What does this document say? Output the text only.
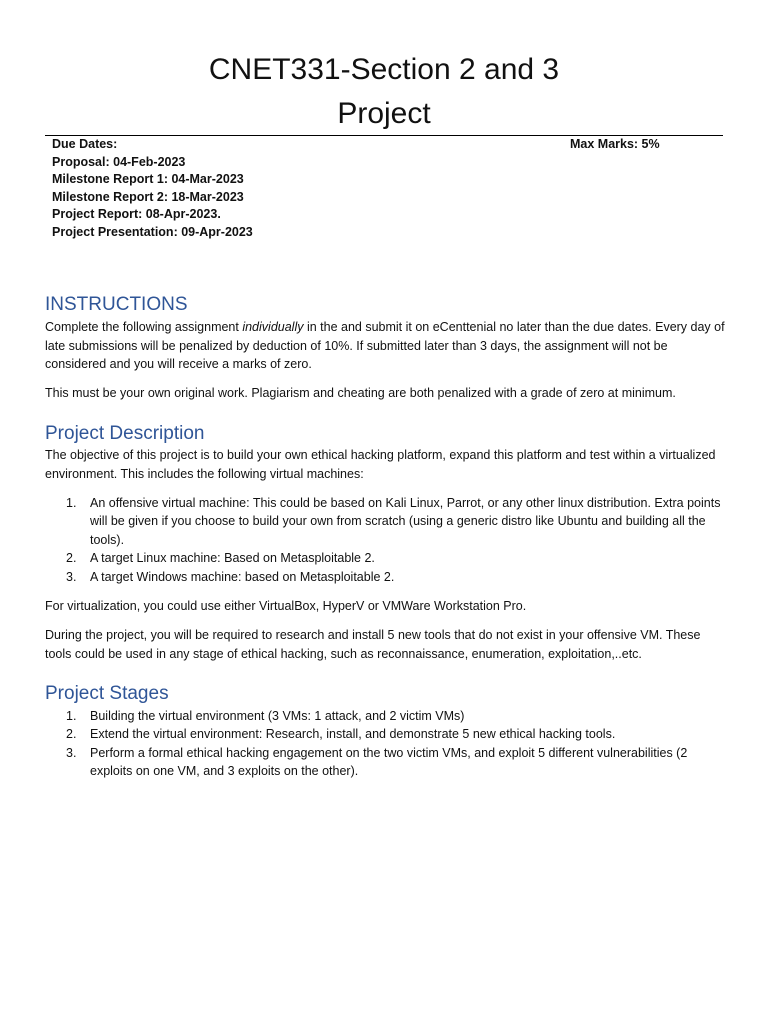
CNET331-Section 2 and 3
Project
Due Dates:
Proposal: 04-Feb-2023
Milestone Report 1: 04-Mar-2023
Milestone Report 2: 18-Mar-2023
Project Report: 08-Apr-2023.
Project Presentation: 09-Apr-2023
Max Marks: 5%
INSTRUCTIONS

Complete the following assignment individually in the and submit it on eCenttenial no later than the due dates. Every day of late submissions will be penalized by deduction of 10%. If submitted later than 3 days, the assignment will not be considered and you will receive a marks of zero.

This must be your own original work. Plagiarism and cheating are both penalized with a grade of zero at minimum.

Project Description

The objective of this project is to build your own ethical hacking platform, expand this platform and test within a virtualized environment. This includes the following virtual machines:

1. An offensive virtual machine: This could be based on Kali Linux, Parrot, or any other linux distribution. Extra points will be given if you choose to build your own from scratch (using a generic distro like Ubuntu and building all the tools).
2. A target Linux machine: Based on Metasploitable 2.
3. A target Windows machine: based on Metasploitable 2.

For virtualization, you could use either VirtualBox, HyperV or VMWare Workstation Pro.

During the project, you will be required to research and install 5 new tools that do not exist in your offensive VM. These tools could be used in any stage of ethical hacking, such as reconnaissance, enumeration, exploitation,..etc.

Project Stages
1. Building the virtual environment (3 VMs: 1 attack, and 2 victim VMs)
2. Extend the virtual environment: Research, install, and demonstrate 5 new ethical hacking tools.
3. Perform a formal ethical hacking engagement on the two victim VMs, and exploit 5 different vulnerabilities (2 exploits on one VM, and 3 exploits on the other).
